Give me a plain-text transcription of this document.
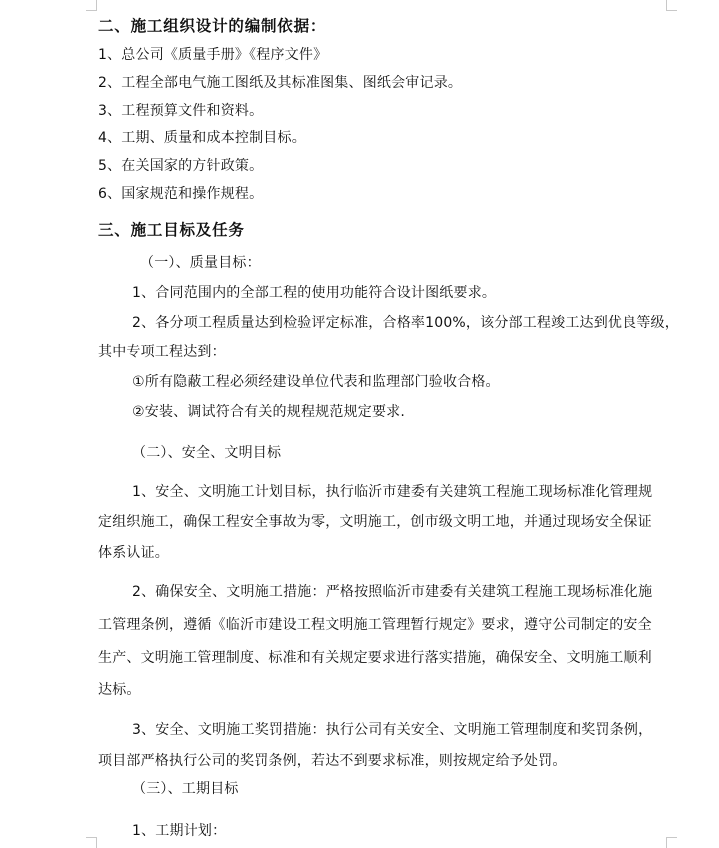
二、施工组织设计的编制依据：
1、总公司《质量手册》《程序文件》
2、工程全部电气施工图纸及其标准图集、图纸会审记录。
3、工程预算文件和资料。
4、工期、质量和成本控制目标。
5、在关国家的方针政策。
6、国家规范和操作规程。
三、施工目标及任务
（一）、质量目标：
1、合同范围内的全部工程的使用功能符合设计图纸要求。
2、各分项工程质量达到检验评定标准，合格率100%，该分部工程竣工达到优良等级，
其中专项工程达到：
①所有隐蔽工程必须经建设单位代表和监理部门验收合格。
②安装、调试符合有关的规程规范规定要求.
（二）、安全、文明目标
1、安全、文明施工计划目标，执行临沂市建委有关建筑工程施工现场标准化管理规
定组织施工，确保工程安全事故为零，文明施工，创市级文明工地，并通过现场安全保证
体系认证。
2、确保安全、文明施工措施：严格按照临沂市建委有关建筑工程施工现场标准化施
工管理条例，遵循《临沂市建设工程文明施工管理暂行规定》要求，遵守公司制定的安全
生产、文明施工管理制度、标准和有关规定要求进行落实措施，确保安全、文明施工顺利
达标。
3、安全、文明施工奖罚措施：执行公司有关安全、文明施工管理制度和奖罚条例，
项目部严格执行公司的奖罚条例，若达不到要求标准，则按规定给予处罚。
（三）、工期目标
1、工期计划：
